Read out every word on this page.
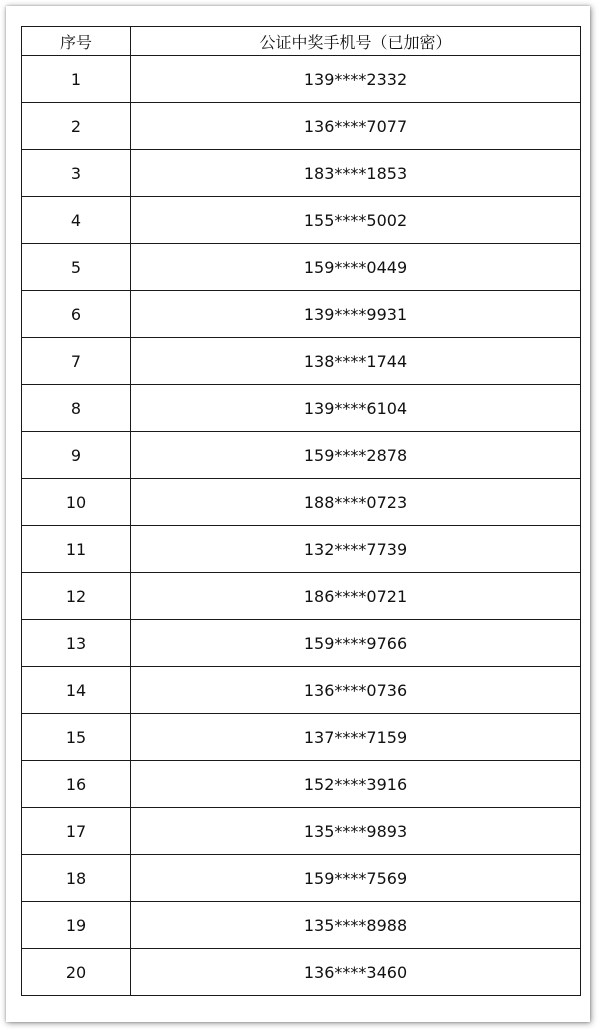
序号	公证中奖手机号（已加密）
1	139****2332
2	136****7077
3	183****1853
4	155****5002
5	159****0449
6	139****9931
7	138****1744
8	139****6104
9	159****2878
10	188****0723
11	132****7739
12	186****0721
13	159****9766
14	136****0736
15	137****7159
16	152****3916
17	135****9893
18	159****7569
19	135****8988
20	136****3460
